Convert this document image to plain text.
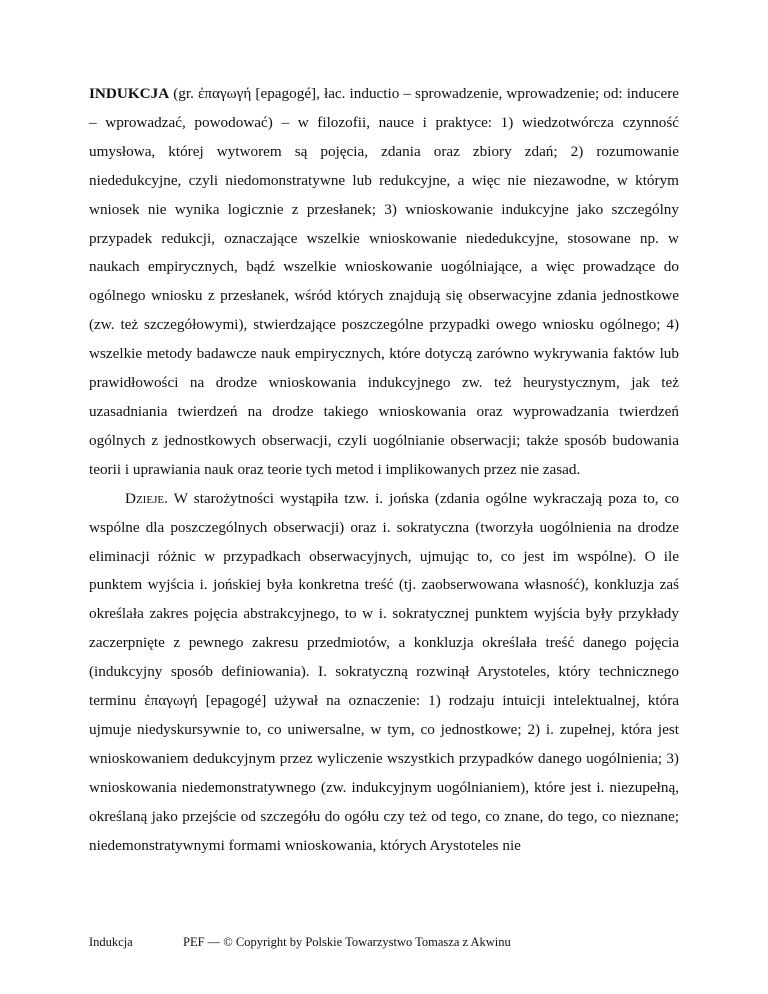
INDUKCJA (gr. ἐπαγωγή [epagogé], łac. inductio – sprowadzenie, wprowadzenie; od: inducere – wprowadzać, powodować) – w filozofii, nauce i praktyce: 1) wiedzotwórcza czynność umysłowa, której wytworem są pojęcia, zdania oraz zbiory zdań; 2) rozumowanie niededukcyjne, czyli niedomonstratywne lub redukcyjne, a więc nie niezawodne, w którym wniosek nie wynika logicznie z przesłanek; 3) wnioskowanie indukcyjne jako szczególny przypadek redukcji, oznaczające wszelkie wnioskowanie niededukcyjne, stosowane np. w naukach empirycznych, bądź wszelkie wnioskowanie uogólniające, a więc prowadzące do ogólnego wniosku z przesłanek, wśród których znajdują się obserwacyjne zdania jednostkowe (zw. też szczegółowymi), stwierdzające poszczególne przypadki owego wniosku ogólnego; 4) wszelkie metody badawcze nauk empirycznych, które dotyczą zarówno wykrywania faktów lub prawidłowości na drodze wnioskowania indukcyjnego zw. też heurystycznym, jak też uzasadniania twierdzeń na drodze takiego wnioskowania oraz wyprowadzania twierdzeń ogólnych z jednostkowych obserwacji, czyli uogólnianie obserwacji; także sposób budowania teorii i uprawiania nauk oraz teorie tych metod i implikowanych przez nie zasad.

Dzieje. W starożytności wystąpiła tzw. i. jońska (zdania ogólne wykraczają poza to, co wspólne dla poszczególnych obserwacji) oraz i. sokratyczna (tworzyła uogólnienia na drodze eliminacji różnic w przypadkach obserwacyjnych, ujmując to, co jest im wspólne). O ile punktem wyjścia i. jońskiej była konkretna treść (tj. zaobserwowana własność), konkluzja zaś określała zakres pojęcia abstrakcyjnego, to w i. sokratycznej punktem wyjścia były przykłady zaczerpnięte z pewnego zakresu przedmiotów, a konkluzja określała treść danego pojęcia (indukcyjny sposób definiowania). I. sokratyczną rozwinął Arystoteles, który technicznego terminu ἐπαγωγή [epagogé] używał na oznaczenie: 1) rodzaju intuicji intelektualnej, która ujmuje niedyskursywnie to, co uniwersalne, w tym, co jednostkowe; 2) i. zupełnej, która jest wnioskowaniem dedukcyjnym przez wyliczenie wszystkich przypadków danego uogólnienia; 3) wnioskowania niedemonstratywnego (zw. indukcyjnym uogólnianiem), które jest i. niezupełną, określaną jako przejście od szczegółu do ogółu czy też od tego, co znane, do tego, co nieznane; niedemonstratywnymi formami wnioskowania, których Arystoteles nie

Indukcja	PEF — © Copyright by Polskie Towarzystwo Tomasza z Akwinu
